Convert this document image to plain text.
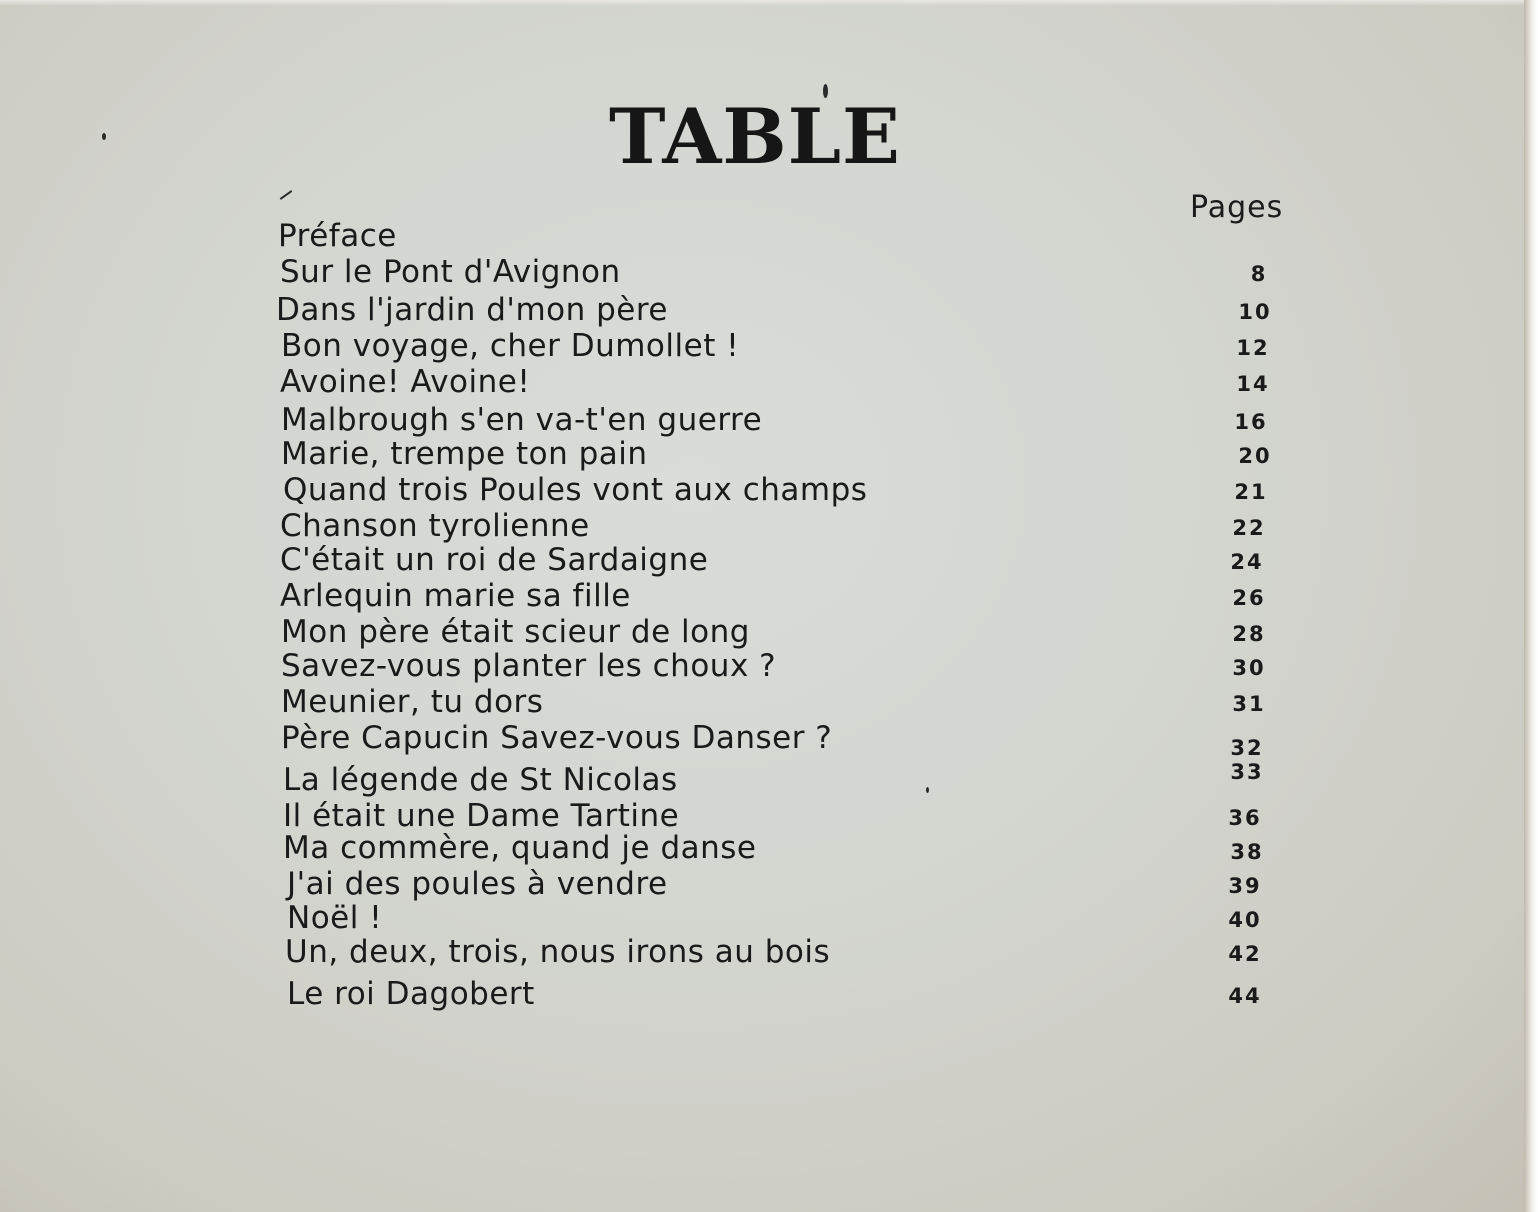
TABLE
Pages
Préface
Sur le Pont d'Avignon	8
Dans l'jardin d'mon père	10
Bon voyage, cher Dumollet !	12
Avoine! Avoine!	14
Malbrough s'en va-t'en guerre	16
Marie, trempe ton pain	20
Quand trois Poules vont aux champs	21
Chanson tyrolienne	22
C'était un roi de Sardaigne	24
Arlequin marie sa fille	26
Mon père était scieur de long	28
Savez-vous planter les choux ?	30
Meunier, tu dors	31
Père Capucin Savez-vous Danser ?	32
La légende de St Nicolas	33
Il était une Dame Tartine	36
Ma commère, quand je danse	38
J'ai des poules à vendre	39
Noël !	40
Un, deux, trois, nous irons au bois	42
Le roi Dagobert	44
